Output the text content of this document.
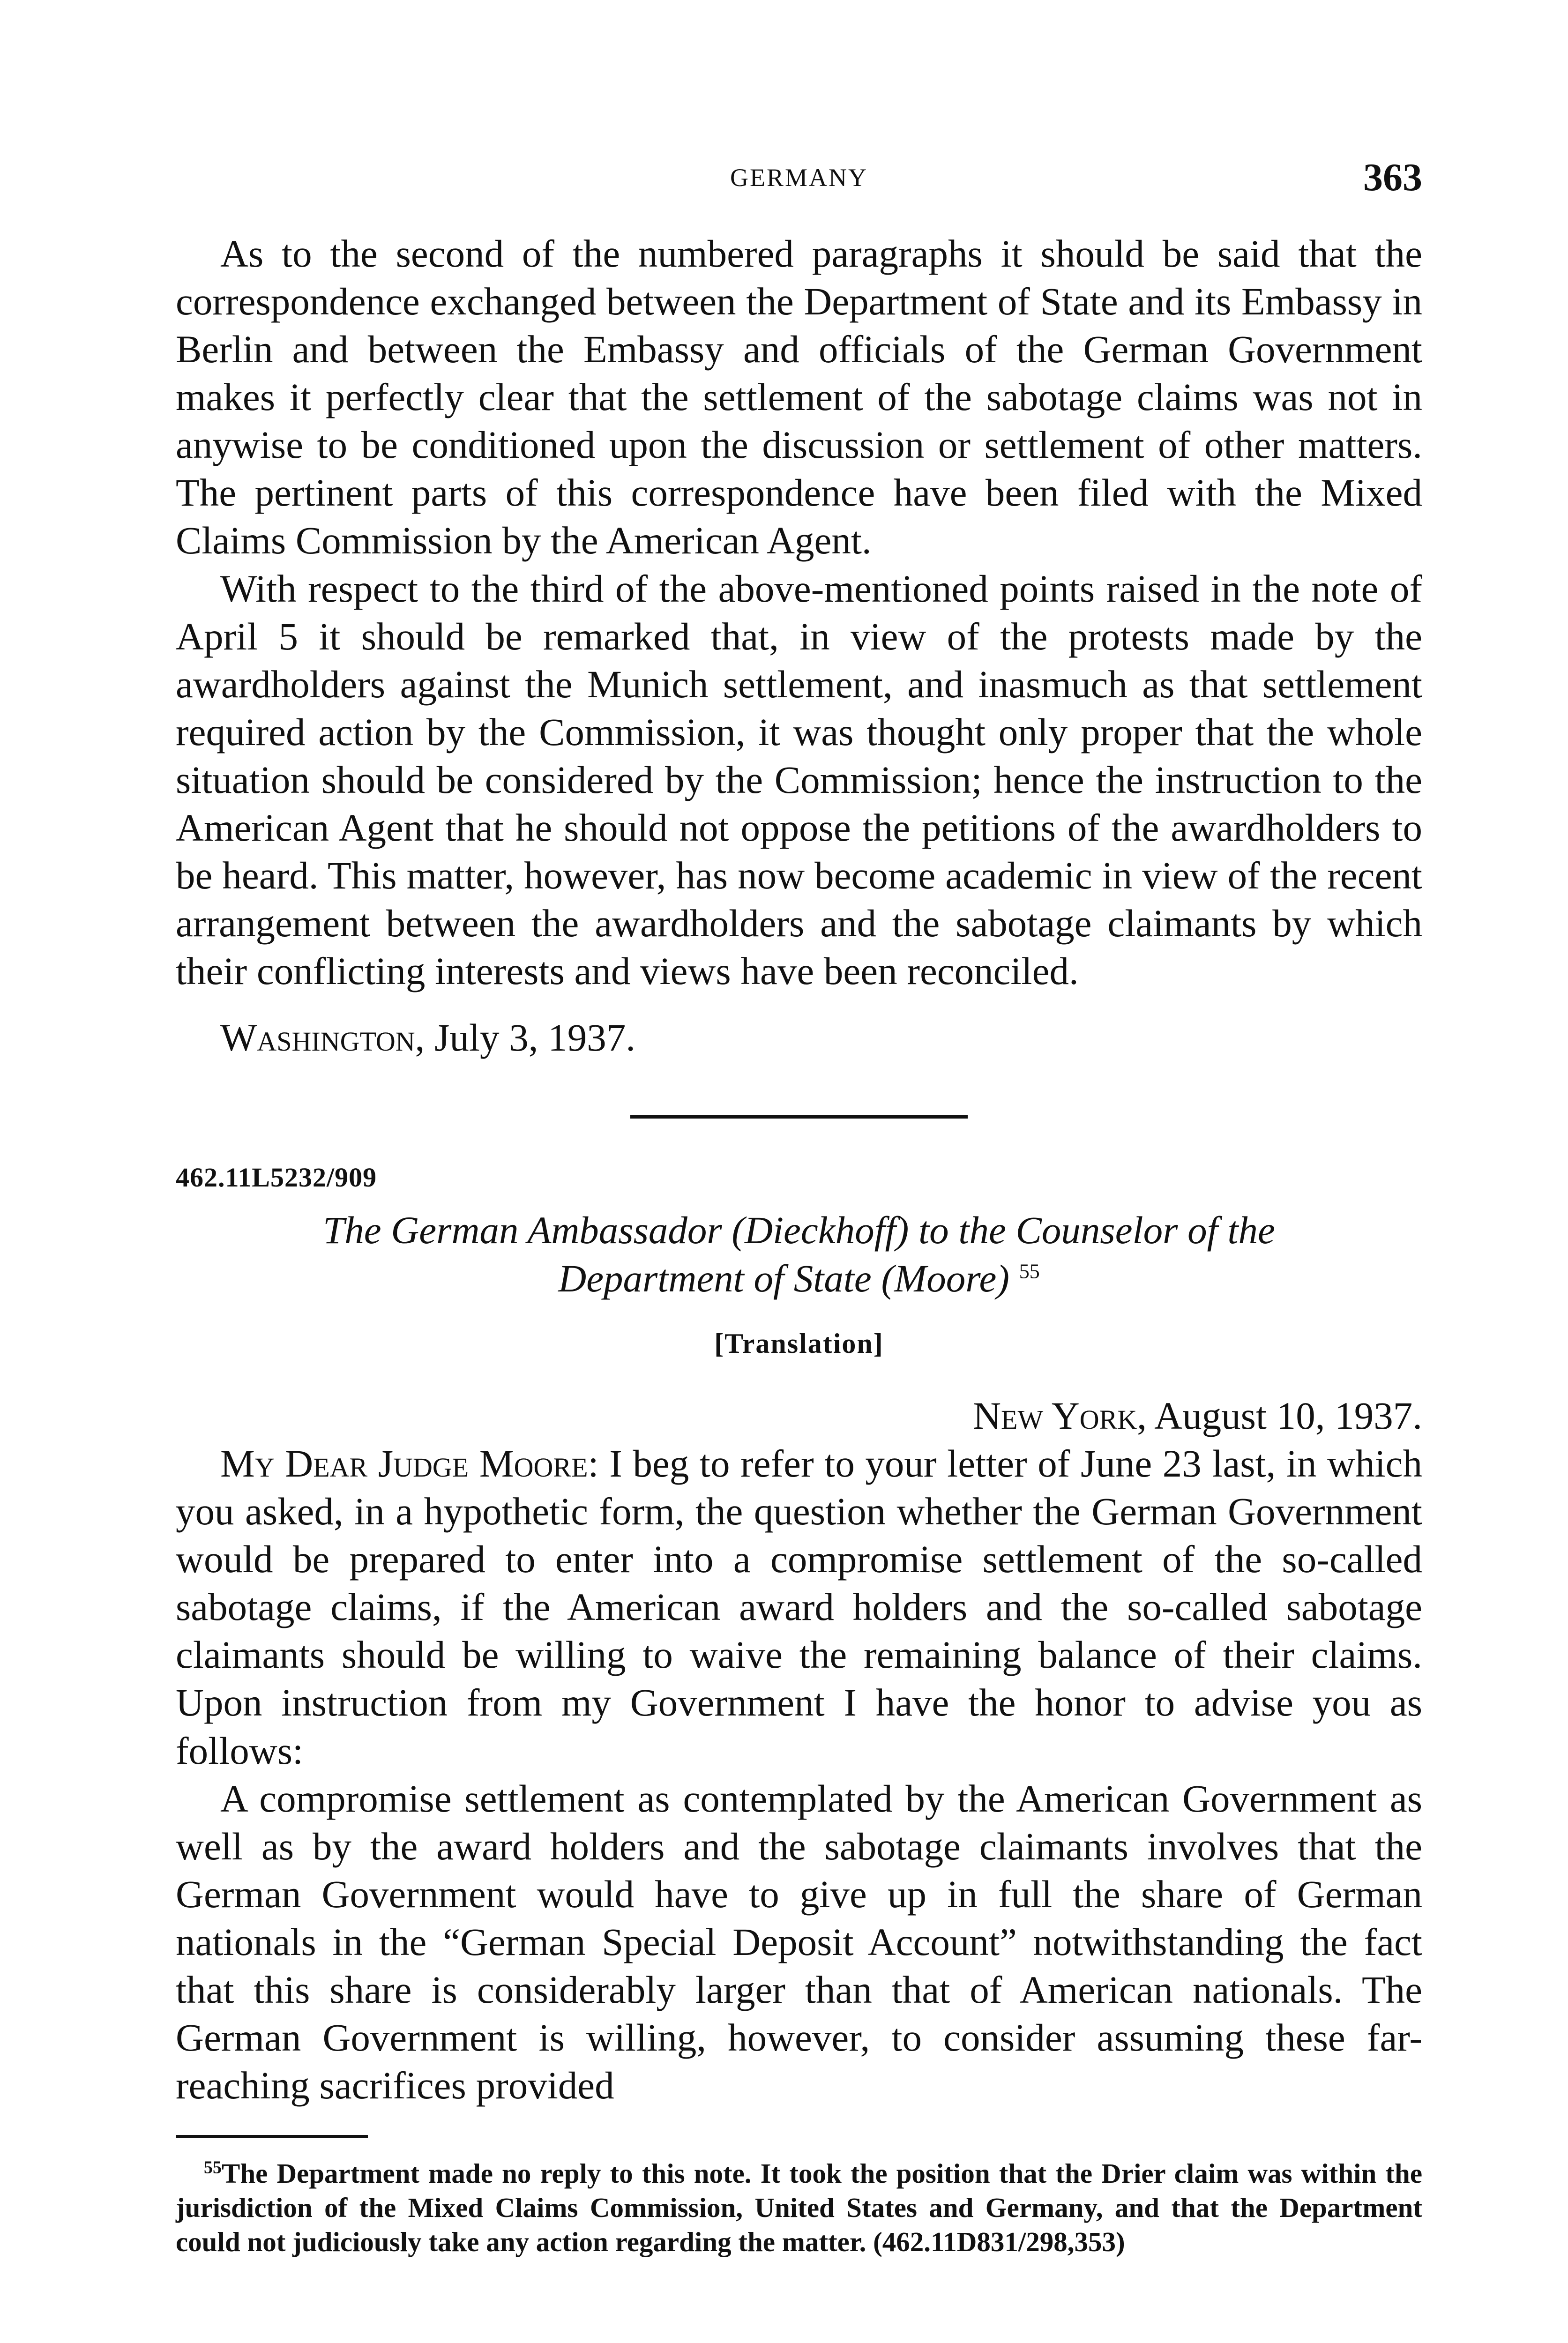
GERMANY	363

As to the second of the numbered paragraphs it should be said that the correspondence exchanged between the Department of State and its Embassy in Berlin and between the Embassy and officials of the German Government makes it perfectly clear that the settlement of the sabotage claims was not in anywise to be conditioned upon the discussion or settlement of other matters. The pertinent parts of this correspondence have been filed with the Mixed Claims Commission by the American Agent.

With respect to the third of the above-mentioned points raised in the note of April 5 it should be remarked that, in view of the protests made by the awardholders against the Munich settlement, and inasmuch as that settlement required action by the Commission, it was thought only proper that the whole situation should be considered by the Commission; hence the instruction to the American Agent that he should not oppose the petitions of the awardholders to be heard. This matter, however, has now become academic in view of the recent arrangement between the awardholders and the sabotage claimants by which their conflicting interests and views have been reconciled.

Washington, July 3, 1937.

462.11L5232/909

The German Ambassador (Dieckhoff) to the Counselor of the
Department of State (Moore) $^{55}$

[Translation]

New York, August 10, 1937.

My Dear Judge Moore: I beg to refer to your letter of June 23 last, in which you asked, in a hypothetic form, the question whether the German Government would be prepared to enter into a compromise settlement of the so-called sabotage claims, if the American award holders and the so-called sabotage claimants should be willing to waive the remaining balance of their claims. Upon instruction from my Government I have the honor to advise you as follows:

A compromise settlement as contemplated by the American Government as well as by the award holders and the sabotage claimants involves that the German Government would have to give up in full the share of German nationals in the “German Special Deposit Account” notwithstanding the fact that this share is considerably larger than that of American nationals. The German Government is willing, however, to consider assuming these far-reaching sacrifices provided

$^{55}$The Department made no reply to this note. It took the position that the Drier claim was within the jurisdiction of the Mixed Claims Commission, United States and Germany, and that the Department could not judiciously take any action regarding the matter. (462.11D831/298,353)
